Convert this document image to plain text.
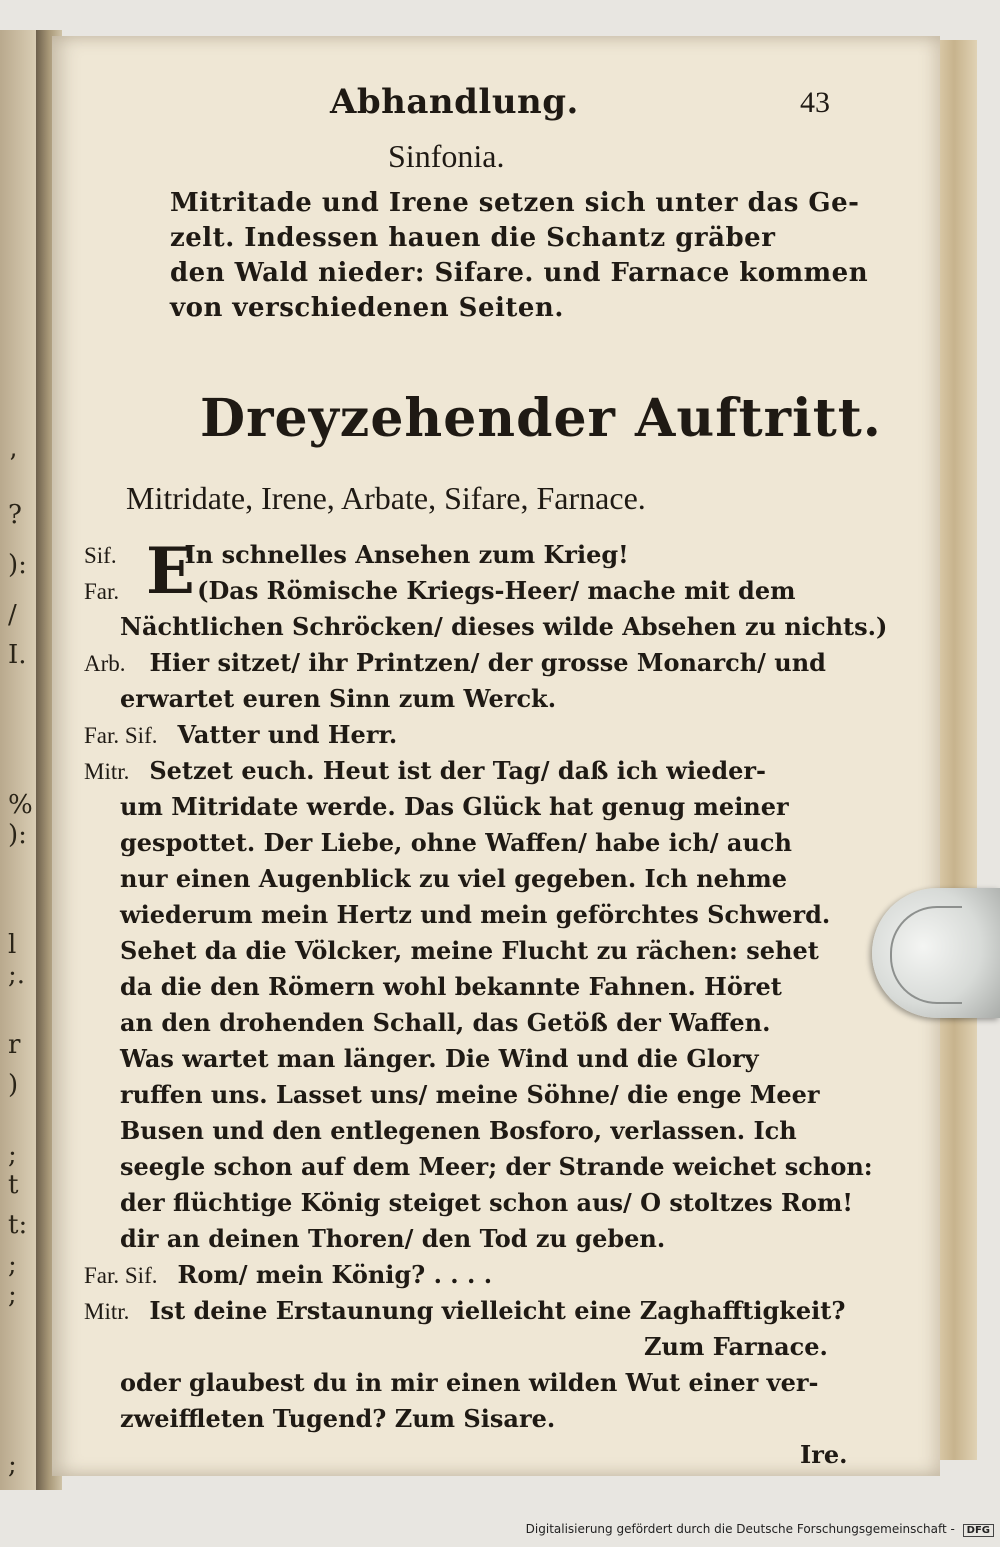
ʼ
?
):
/
I.
%
):
l
;.
r
)
;
t
t:
;
;
;
Abhandlung.	43
Sinfonia.
Mitritade und Irene setzen sich unter das Ge-
zelt. Indessen hauen die Schantz gräber
den Wald nieder: Sifare. und Farnace kommen
von verschiedenen Seiten.
Dreyzehender Auftritt.
Mitridate, Irene, Arbate, Sifare, Farnace.
E
Sif.	In schnelles Ansehen zum Krieg!
Far.	(Das Römische Kriegs-Heer/ mache mit dem
Nächtlichen Schröcken/ dieses wilde Absehen zu nichts.)
Arb. Hier sitzet/ ihr Printzen/ der grosse Monarch/ und
erwartet euren Sinn zum Werck.
Far. Sif. Vatter und Herr.
Mitr. Setzet euch. Heut ist der Tag/ daß ich wieder-
um Mitridate werde. Das Glück hat genug meiner
gespottet. Der Liebe, ohne Waffen/ habe ich/ auch
nur einen Augenblick zu viel gegeben. Ich nehme
wiederum mein Hertz und mein geförchtes Schwerd.
Sehet da die Völcker, meine Flucht zu rächen: sehet
da die den Römern wohl bekannte Fahnen. Höret
an den drohenden Schall, das Getöß der Waffen.
Was wartet man länger. Die Wind und die Glory
ruffen uns. Lasset uns/ meine Söhne/ die enge Meer
Busen und den entlegenen Bosforo, verlassen. Ich
seegle schon auf dem Meer; der Strande weichet schon:
der flüchtige König steiget schon aus/ O stoltzes Rom!
dir an deinen Thoren/ den Tod zu geben.
Far. Sif. Rom/ mein König? . . . .
Mitr. Ist deine Erstaunung vielleicht eine Zaghafftigkeit?
Zum Farnace.
oder glaubest du in mir einen wilden Wut einer ver-
zweiffleten Tugend? Zum Sisare.
Ire.
Digitalisierung gefördert durch die Deutsche Forschungsgemeinschaft - DFG
